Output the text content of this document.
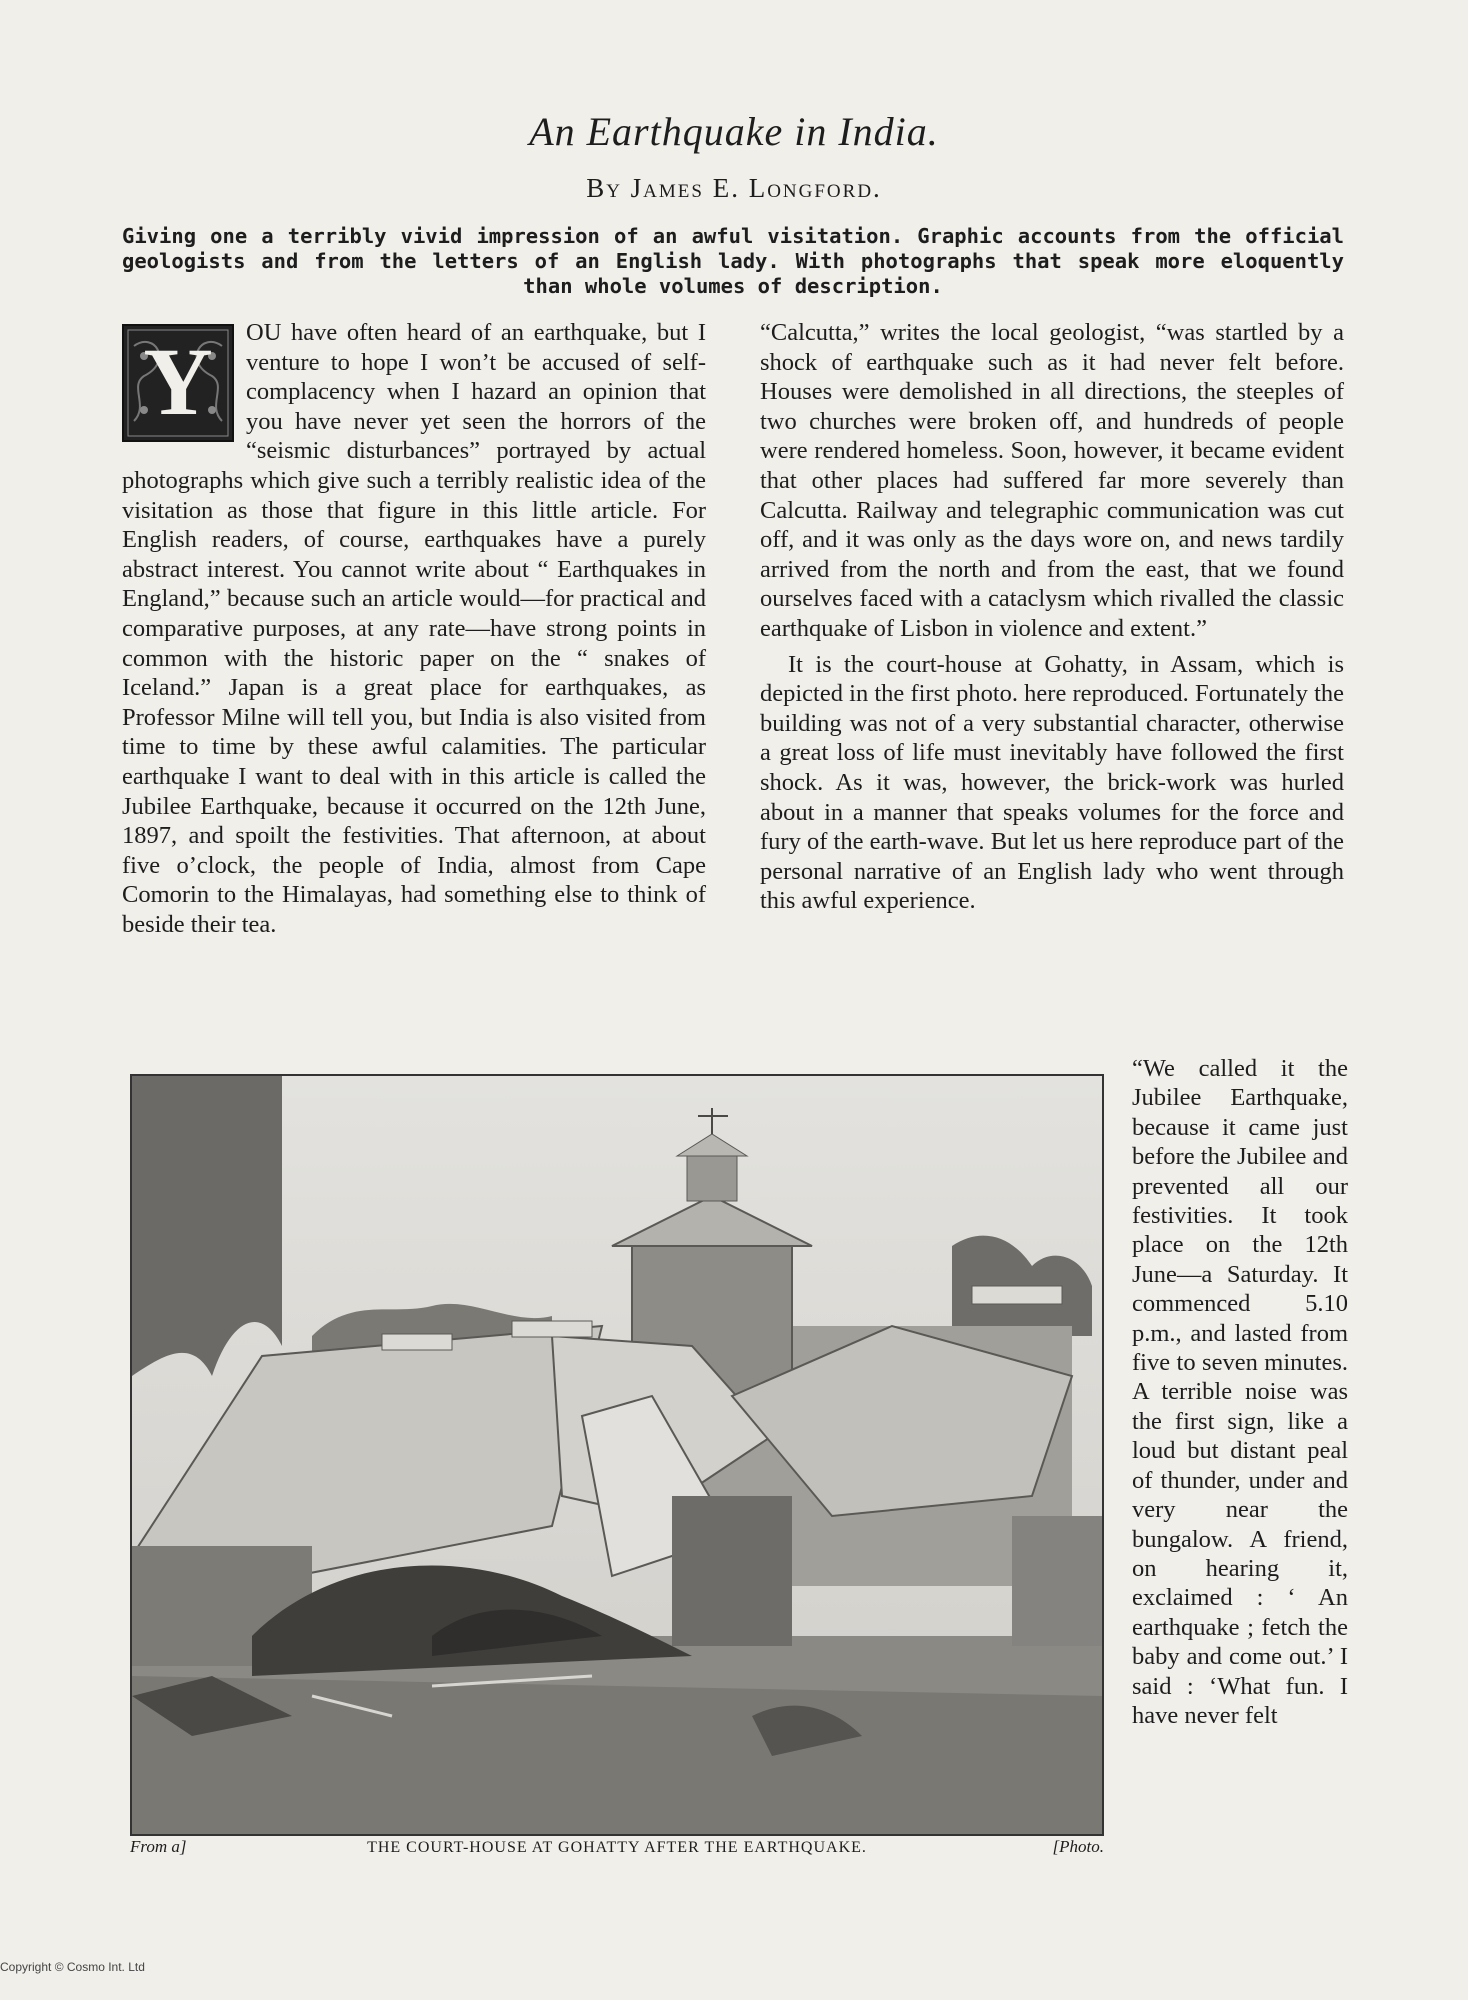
An Earthquake in India.
By James E. Longford.
Giving one a terribly vivid impression of an awful visitation. Graphic accounts from the official geologists and from the letters of an English lady. With photographs that speak more eloquently than whole volumes of description.
Y	OU have often heard of an earthquake, but I venture to hope I won’t be accused of self-complacency when I hazard an opinion that you have never yet seen the horrors of the “seismic disturbances” portrayed by actual photographs which give such a terribly realistic idea of the visitation as those that figure in this little article. For English readers, of course, earthquakes have a purely abstract interest. You cannot write about “ Earthquakes in England,” because such an article would—for practical and comparative purposes, at any rate—have strong points in common with the historic paper on the “ snakes of Iceland.” Japan is a great place for earthquakes, as Professor Milne will tell you, but India is also visited from time to time by these awful calamities. The particular earthquake I want to deal with in this article is called the Jubilee Earthquake, because it occurred on the 12th June, 1897, and spoilt the festivities. That afternoon, at about five o’clock, the people of India, almost from Cape Comorin to the Himalayas, had something else to think of beside their tea.

“Calcutta,” writes the local geologist, “was startled by a shock of earthquake such as it had never felt before. Houses were demolished in all directions, the steeples of two churches were broken off, and hundreds of people were rendered homeless. Soon, however, it became evident that other places had suffered far more severely than Calcutta. Railway and telegraphic communication was cut off, and it was only as the days wore on, and news tardily arrived from the north and from the east, that we found ourselves faced with a cataclysm which rivalled the classic earthquake of Lisbon in violence and extent.”

It is the court-house at Gohatty, in Assam, which is depicted in the first photo. here reproduced. Fortunately the building was not of a very substantial character, otherwise a great loss of life must inevitably have followed the first shock. As it was, however, the brick-work was hurled about in a manner that speaks volumes for the force and fury of the earth-wave. But let us here reproduce part of the personal narrative of an English lady who went through this awful experience.

“We called it the Jubilee Earthquake, because it came just before the Jubilee and prevented all our festivities. It took place on the 12th June—a Saturday. It commenced 5.10 p.m., and lasted from five to seven minutes. A terrible noise was the first sign, like a loud but distant peal of thunder, under and very near the bungalow. A friend, on hearing it, exclaimed : ‘ An earthquake ; fetch the baby and come out.’ I said : ‘What fun. I have never felt

From a]	THE COURT-HOUSE AT GOHATTY AFTER THE EARTHQUAKE.	[Photo.
Copyright © Cosmo Int. Ltd
